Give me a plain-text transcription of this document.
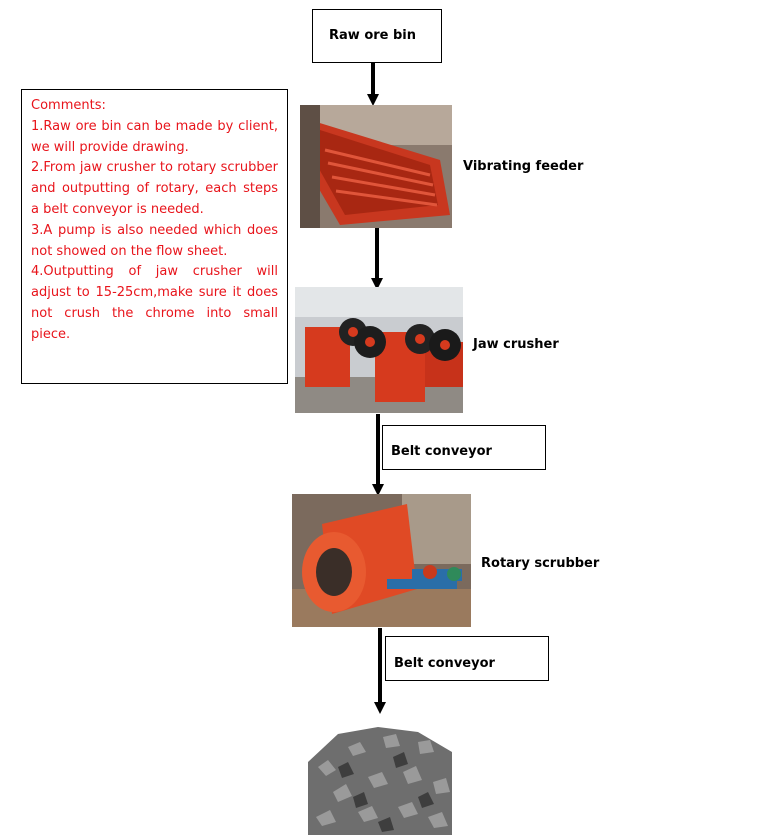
Raw ore bin

Comments:

1.Raw ore bin can be made by client, we will provide drawing.

2.From jaw crusher to rotary scrubber and outputting of rotary, each steps a belt conveyor is needed.

3.A pump is also needed which does not showed on the flow sheet.

4.Outputting of jaw crusher will adjust to 15-25cm,make sure it does not crush the chrome into small piece.

Vibrating feeder
Jaw crusher
Belt conveyor
Rotary scrubber
Belt conveyor
